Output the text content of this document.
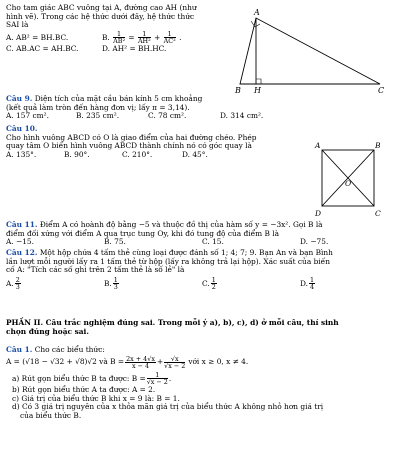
Cho tam giác ABC vuông tại A, đường cao AH (như
hình vẽ). Trong các hệ thức dưới đây, hệ thức thức
SAI là
A. AB² = BH.BC.	B. $\frac{1}{\text{AB²}} = \frac{1}{\text{AH²}} + \frac{1}{\text{AC²}}$ .
C. AB.AC = AH.BC.	D. AH² = BH.HC.
A
B H	C
Câu 9. Diện tích của mặt cầu bán kính 5 cm khoảng
(kết quả làm tròn đến hàng đơn vị; lấy π = 3,14).
A. 157 cm².	B. 235 cm².	C. 78 cm².	D. 314 cm².
Câu 10.
Cho hình vuông ABCD có O là giao điểm của hai đường chéo. Phép
quay tâm O biến hình vuông ABCD thành chính nó có góc quay là
A. 135°.	B. 90°.	C. 210°.	D. 45°.
A	B
C
D
O
Câu 11. Điểm A có hoành độ bằng −5 và thuộc đồ thị của hàm số y = −3x². Gọi B là
điểm đối xứng với điểm A qua trục tung Oy, khi đó tung độ của điểm B là
A. −15.	B. 75.	C. 15.	D. −75.
Câu 12. Một hộp chứa 4 tấm thẻ cùng loại được đánh số 1; 4; 7; 9. Bạn An và bạn Bình
lần lượt mỗi người lấy ra 1 tấm thẻ từ hộp (lấy ra không trả lại hộp). Xác suất của biến
cố A: "Tích các số ghi trên 2 tấm thẻ là số lẻ" là
A. $\frac{2}{3}$	B. $\frac{1}{3}$	C. $\frac{1}{2}$	D. $\frac{1}{4}$
PHẦN II. Câu trắc nghiệm đúng sai. Trong mỗi ý a), b), c), d) ở mỗi câu, thí sinh
chọn đúng hoặc sai.
Câu 1. Cho các biểu thức:
A = (√18 − √32 + √8)√2 và $B = \frac{2x + 4√x}{x - 4} + \frac{√x}{√x - 2}$ với x ≥ 0, x ≠ 4.
a) Rút gọn biểu thức B ta được: $B = \frac{1}{√x - 2}$ .
b) Rút gọn biểu thức A ta được: A = 2.
c) Giá trị của biểu thức B khi x = 9 là: B = 1.
d) Có 3 giá trị nguyên của x thỏa mãn giá trị của biểu thức A không nhỏ hơn giá trị
của biểu thức B.
